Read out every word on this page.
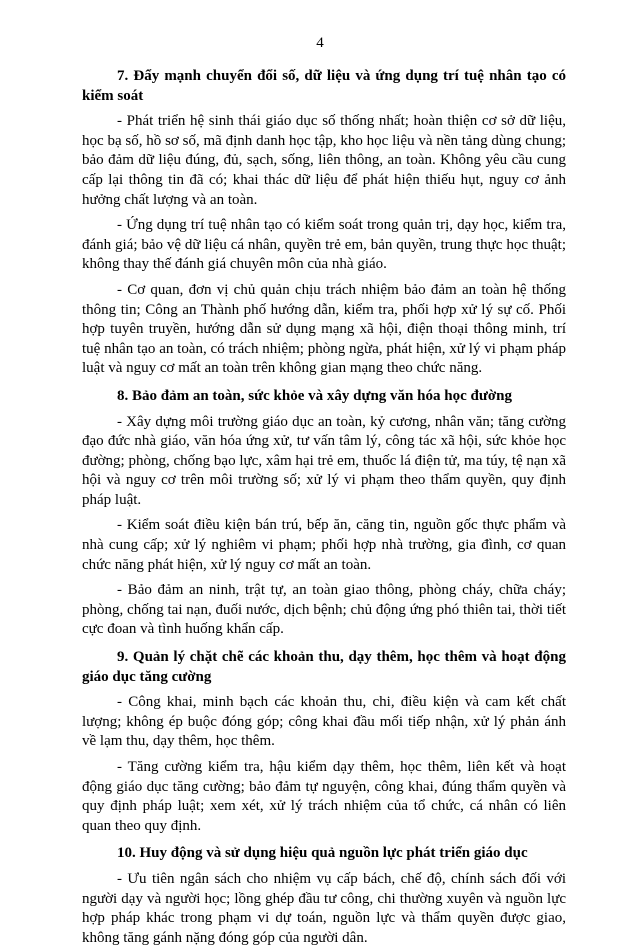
4

7. Đẩy mạnh chuyển đổi số, dữ liệu và ứng dụng trí tuệ nhân tạo có kiểm soát

- Phát triển hệ sinh thái giáo dục số thống nhất; hoàn thiện cơ sở dữ liệu, học bạ số, hồ sơ số, mã định danh học tập, kho học liệu và nền tảng dùng chung; bảo đảm dữ liệu đúng, đủ, sạch, sống, liên thông, an toàn. Không yêu cầu cung cấp lại thông tin đã có; khai thác dữ liệu để phát hiện thiếu hụt, nguy cơ ảnh hưởng chất lượng và an toàn.

- Ứng dụng trí tuệ nhân tạo có kiểm soát trong quản trị, dạy học, kiểm tra, đánh giá; bảo vệ dữ liệu cá nhân, quyền trẻ em, bản quyền, trung thực học thuật; không thay thế đánh giá chuyên môn của nhà giáo.

- Cơ quan, đơn vị chủ quản chịu trách nhiệm bảo đảm an toàn hệ thống thông tin; Công an Thành phố hướng dẫn, kiểm tra, phối hợp xử lý sự cố. Phối hợp tuyên truyền, hướng dẫn sử dụng mạng xã hội, điện thoại thông minh, trí tuệ nhân tạo an toàn, có trách nhiệm; phòng ngừa, phát hiện, xử lý vi phạm pháp luật và nguy cơ mất an toàn trên không gian mạng theo chức năng.

8. Bảo đảm an toàn, sức khỏe và xây dựng văn hóa học đường

- Xây dựng môi trường giáo dục an toàn, kỷ cương, nhân văn; tăng cường đạo đức nhà giáo, văn hóa ứng xử, tư vấn tâm lý, công tác xã hội, sức khỏe học đường; phòng, chống bạo lực, xâm hại trẻ em, thuốc lá điện tử, ma túy, tệ nạn xã hội và nguy cơ trên môi trường số; xử lý vi phạm theo thẩm quyền, quy định pháp luật.

- Kiểm soát điều kiện bán trú, bếp ăn, căng tin, nguồn gốc thực phẩm và nhà cung cấp; xử lý nghiêm vi phạm; phối hợp nhà trường, gia đình, cơ quan chức năng phát hiện, xử lý nguy cơ mất an toàn.

- Bảo đảm an ninh, trật tự, an toàn giao thông, phòng cháy, chữa cháy; phòng, chống tai nạn, đuối nước, dịch bệnh; chủ động ứng phó thiên tai, thời tiết cực đoan và tình huống khẩn cấp.

9. Quản lý chặt chẽ các khoản thu, dạy thêm, học thêm và hoạt động giáo dục tăng cường

- Công khai, minh bạch các khoản thu, chi, điều kiện và cam kết chất lượng; không ép buộc đóng góp; công khai đầu mối tiếp nhận, xử lý phản ánh về lạm thu, dạy thêm, học thêm.

- Tăng cường kiểm tra, hậu kiểm dạy thêm, học thêm, liên kết và hoạt động giáo dục tăng cường; bảo đảm tự nguyện, công khai, đúng thẩm quyền và quy định pháp luật; xem xét, xử lý trách nhiệm của tổ chức, cá nhân có liên quan theo quy định.

10. Huy động và sử dụng hiệu quả nguồn lực phát triển giáo dục

- Ưu tiên ngân sách cho nhiệm vụ cấp bách, chế độ, chính sách đối với người dạy và người học; lồng ghép đầu tư công, chi thường xuyên và nguồn lực hợp pháp khác trong phạm vi dự toán, nguồn lực và thẩm quyền được giao, không tăng gánh nặng đóng góp của người dân.
